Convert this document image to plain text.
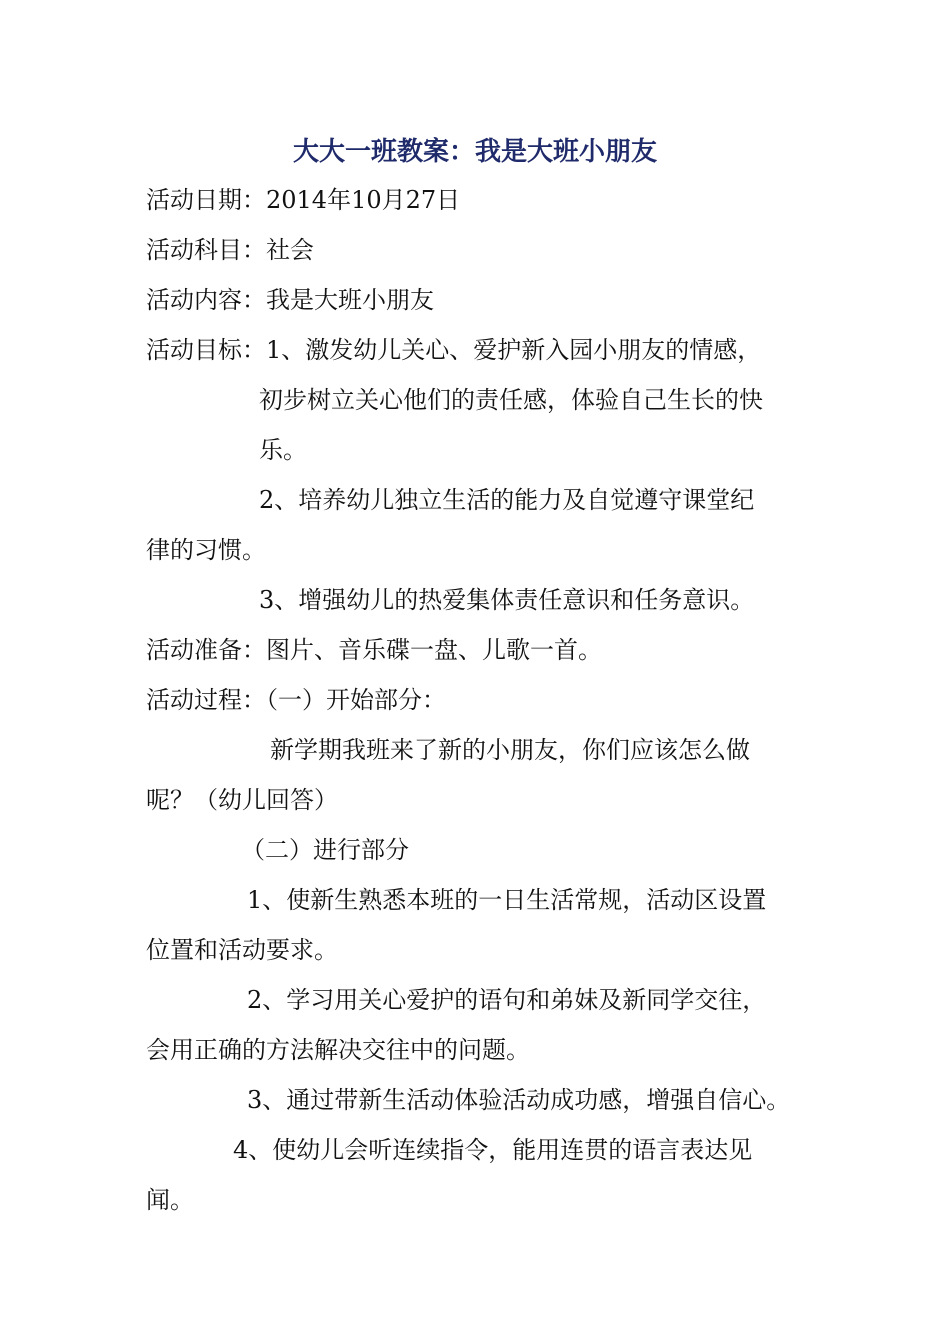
大大一班教案：我是大班小朋友

活动日期：2014年10月27日

活动科目：社会

活动内容：我是大班小朋友

活动目标：1、激发幼儿关心、爱护新入园小朋友的情感，

初步树立关心他们的责任感，体验自己生长的快

乐。

2、培养幼儿独立生活的能力及自觉遵守课堂纪

律的习惯。

3、增强幼儿的热爱集体责任意识和任务意识。

活动准备：图片、音乐碟一盘、儿歌一首。

活动过程：（一）开始部分：

新学期我班来了新的小朋友，你们应该怎么做

呢？（幼儿回答）

（二）进行部分

1、使新生熟悉本班的一日生活常规，活动区设置

位置和活动要求。

2、学习用关心爱护的语句和弟妹及新同学交往，

会用正确的方法解决交往中的问题。

3、通过带新生活动体验活动成功感，增强自信心。

4、使幼儿会听连续指令，能用连贯的语言表达见

闻。
